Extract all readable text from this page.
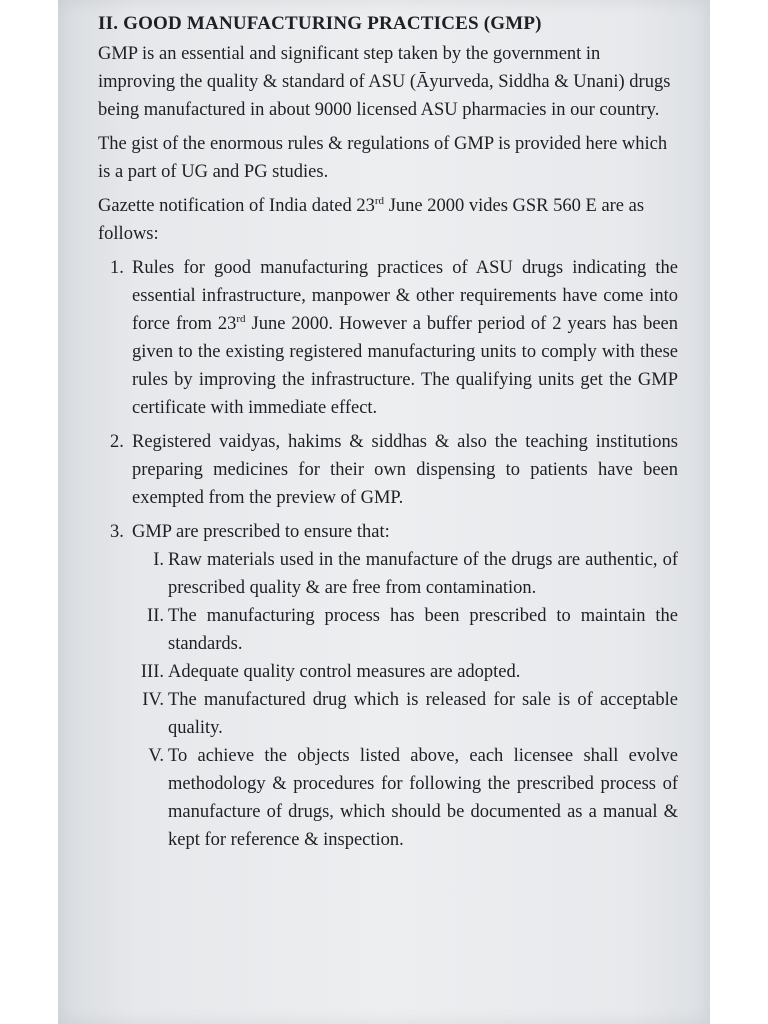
II. GOOD MANUFACTURING PRACTICES (GMP)

GMP is an essential and significant step taken by the government in improving the quality & standard of ASU (Āyurveda, Siddha & Unani) drugs being manufactured in about 9000 licensed ASU pharmacies in our country.

The gist of the enormous rules & regulations of GMP is provided here which is a part of UG and PG studies.

Gazette notification of India dated 23rd June 2000 vides GSR 560 E are as follows:

1. Rules for good manufacturing practices of ASU drugs indicating the essential infrastructure, manpower & other requirements have come into force from 23rd June 2000. However a buffer period of 2 years has been given to the existing registered manufacturing units to comply with these rules by improving the infrastructure. The qualifying units get the GMP certificate with immediate effect.
2. Registered vaidyas, hakims & siddhas & also the teaching institutions preparing medicines for their own dispensing to patients have been exempted from the preview of GMP.
3. GMP are prescribed to ensure that:
I. Raw materials used in the manufacture of the drugs are authentic, of prescribed quality & are free from contamination.
II. The manufacturing process has been prescribed to maintain the standards.
III. Adequate quality control measures are adopted.
IV. The manufactured drug which is released for sale is of acceptable quality.
V. To achieve the objects listed above, each licensee shall evolve methodology & procedures for following the prescribed process of manufacture of drugs, which should be documented as a manual & kept for reference & inspection.
